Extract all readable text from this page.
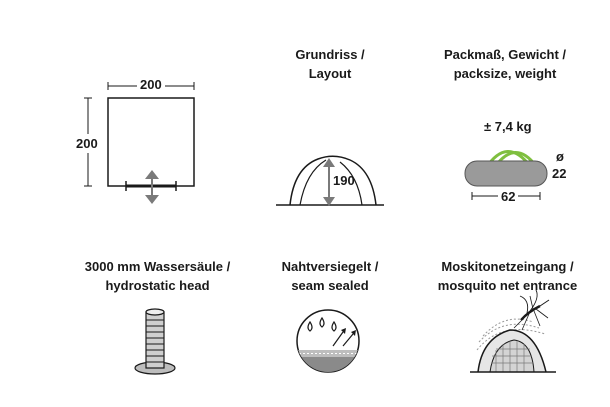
200
200
Grundriss /
Layout
190
Packmaß, Gewicht /
packsize, weight
± 7,4 kg
62
ø
22
3000 mm Wassersäule /
hydrostatic head
Nahtversiegelt /
seam sealed
Moskitonetzeingang /
mosquito net entrance
